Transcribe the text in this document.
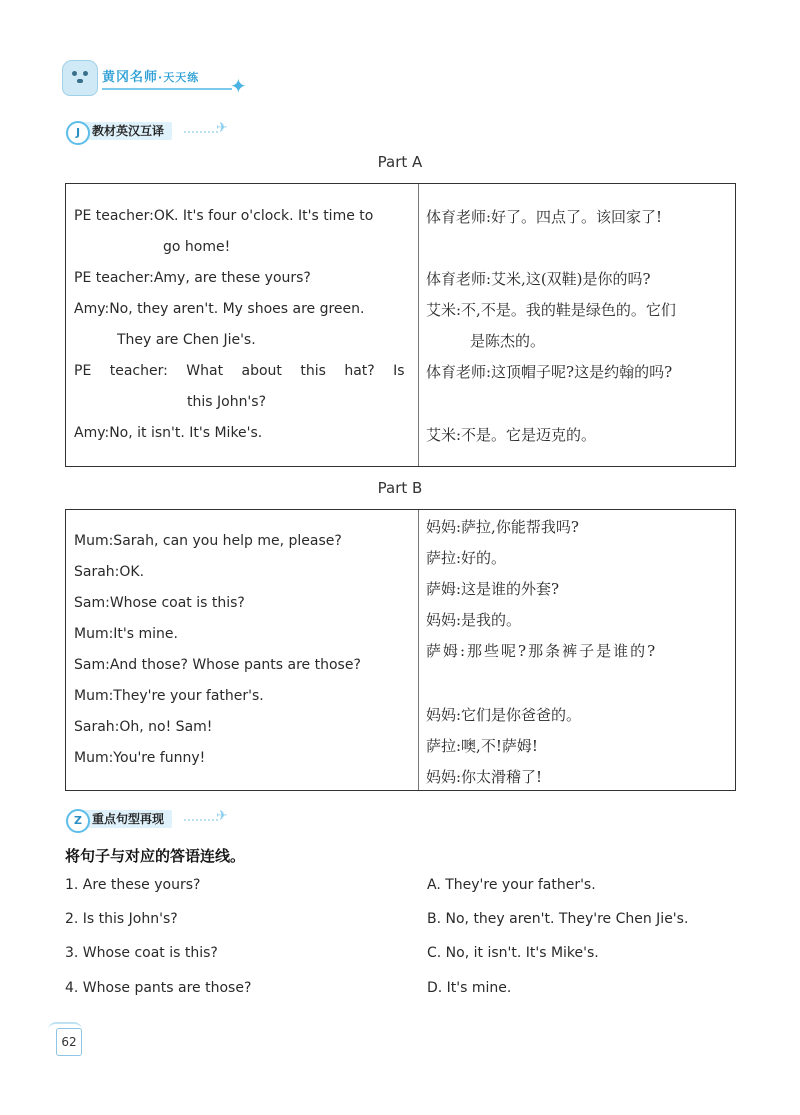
黄冈名师·天天练 ✦
教材英汉互译
J	✈
Part A
PE teacher:OK. It's four o'clock. It's time to
go home!
PE teacher:Amy, are these yours?
Amy:No, they aren't. My shoes are green.
They are Chen Jie's.
PE teacher: What about this hat? Is
this John's?
Amy:No, it isn't. It's Mike's.
体育老师:好了。四点了。该回家了!
体育老师:艾米,这(双鞋)是你的吗?
艾米:不,不是。我的鞋是绿色的。它们
是陈杰的。
体育老师:这顶帽子呢?这是约翰的吗?
艾米:不是。它是迈克的。
Part B
Mum:Sarah, can you help me, please?
Sarah:OK.
Sam:Whose coat is this?
Mum:It's mine.
Sam:And those? Whose pants are those?
Mum:They're your father's.
Sarah:Oh, no! Sam!
Mum:You're funny!
妈妈:萨拉,你能帮我吗?
萨拉:好的。
萨姆:这是谁的外套?
妈妈:是我的。
萨姆:那些呢?那条裤子是谁的?
妈妈:它们是你爸爸的。
萨拉:噢,不!萨姆!
妈妈:你太滑稽了!
重点句型再现
Z	✈
将句子与对应的答语连线。
1. Are these yours?
2. Is this John's?
3. Whose coat is this?
4. Whose pants are those?
A. They're your father's.
B. No, they aren't. They're Chen Jie's.
C. No, it isn't. It's Mike's.
D. It's mine.
62
